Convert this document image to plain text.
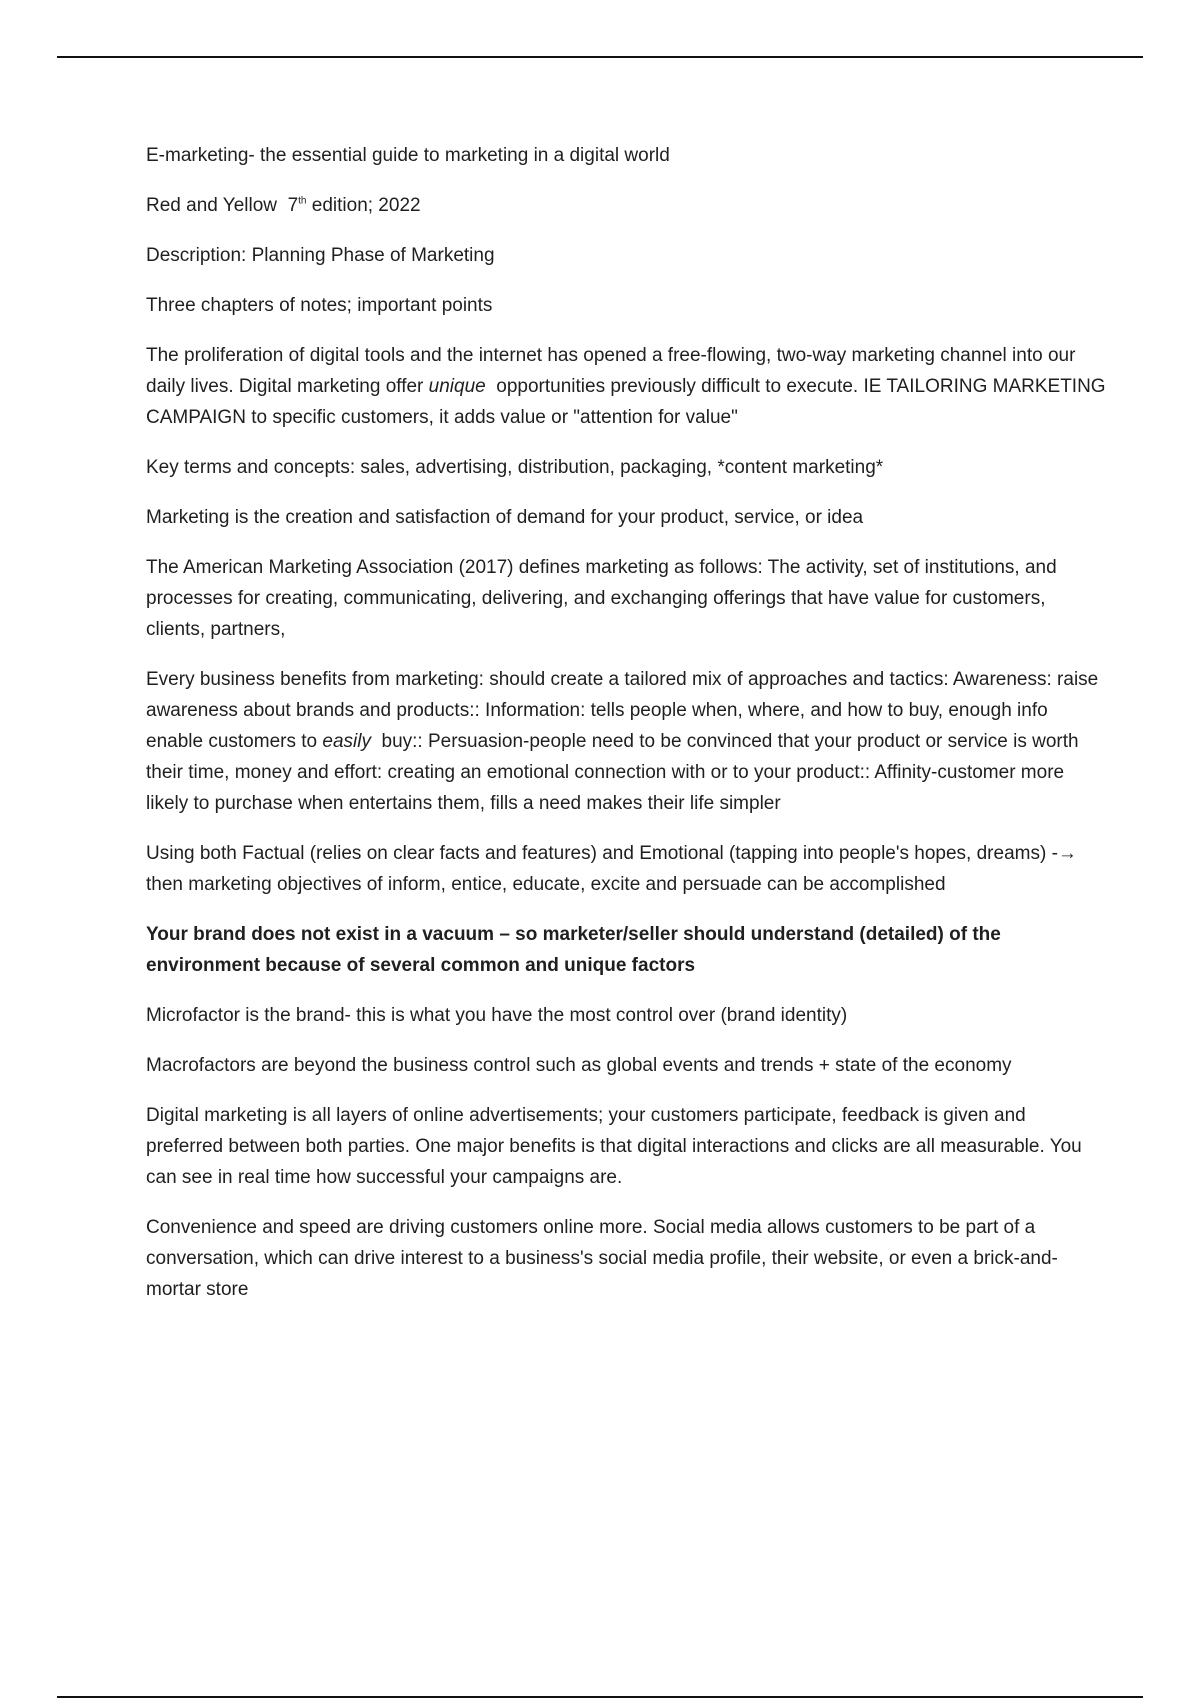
E-marketing- the essential guide to marketing in a digital world

Red and Yellow 7th edition; 2022

Description: Planning Phase of Marketing

Three chapters of notes; important points

The proliferation of digital tools and the internet has opened a free-flowing, two-way marketing channel into our daily lives. Digital marketing offer unique opportunities previously difficult to execute. IE TAILORING MARKETING CAMPAIGN to specific customers, it adds value or "attention for value"

Key terms and concepts: sales, advertising, distribution, packaging, *content marketing*

Marketing is the creation and satisfaction of demand for your product, service, or idea

The American Marketing Association (2017) defines marketing as follows: The activity, set of institutions, and processes for creating, communicating, delivering, and exchanging offerings that have value for customers, clients, partners,

Every business benefits from marketing: should create a tailored mix of approaches and tactics: Awareness: raise awareness about brands and products:: Information: tells people when, where, and how to buy, enough info enable customers to easily buy:: Persuasion-people need to be convinced that your product or service is worth their time, money and effort: creating an emotional connection with or to your product:: Affinity-customer more likely to purchase when entertains them, fills a need makes their life simpler

Using both Factual (relies on clear facts and features) and Emotional (tapping into people's hopes, dreams) -→ then marketing objectives of inform, entice, educate, excite and persuade can be accomplished

Your brand does not exist in a vacuum – so marketer/seller should understand (detailed) of the environment because of several common and unique factors

Microfactor is the brand- this is what you have the most control over (brand identity)

Macrofactors are beyond the business control such as global events and trends + state of the economy

Digital marketing is all layers of online advertisements; your customers participate, feedback is given and preferred between both parties. One major benefits is that digital interactions and clicks are all measurable. You can see in real time how successful your campaigns are.

Convenience and speed are driving customers online more. Social media allows customers to be part of a conversation, which can drive interest to a business's social media profile, their website, or even a brick-and-mortar store
